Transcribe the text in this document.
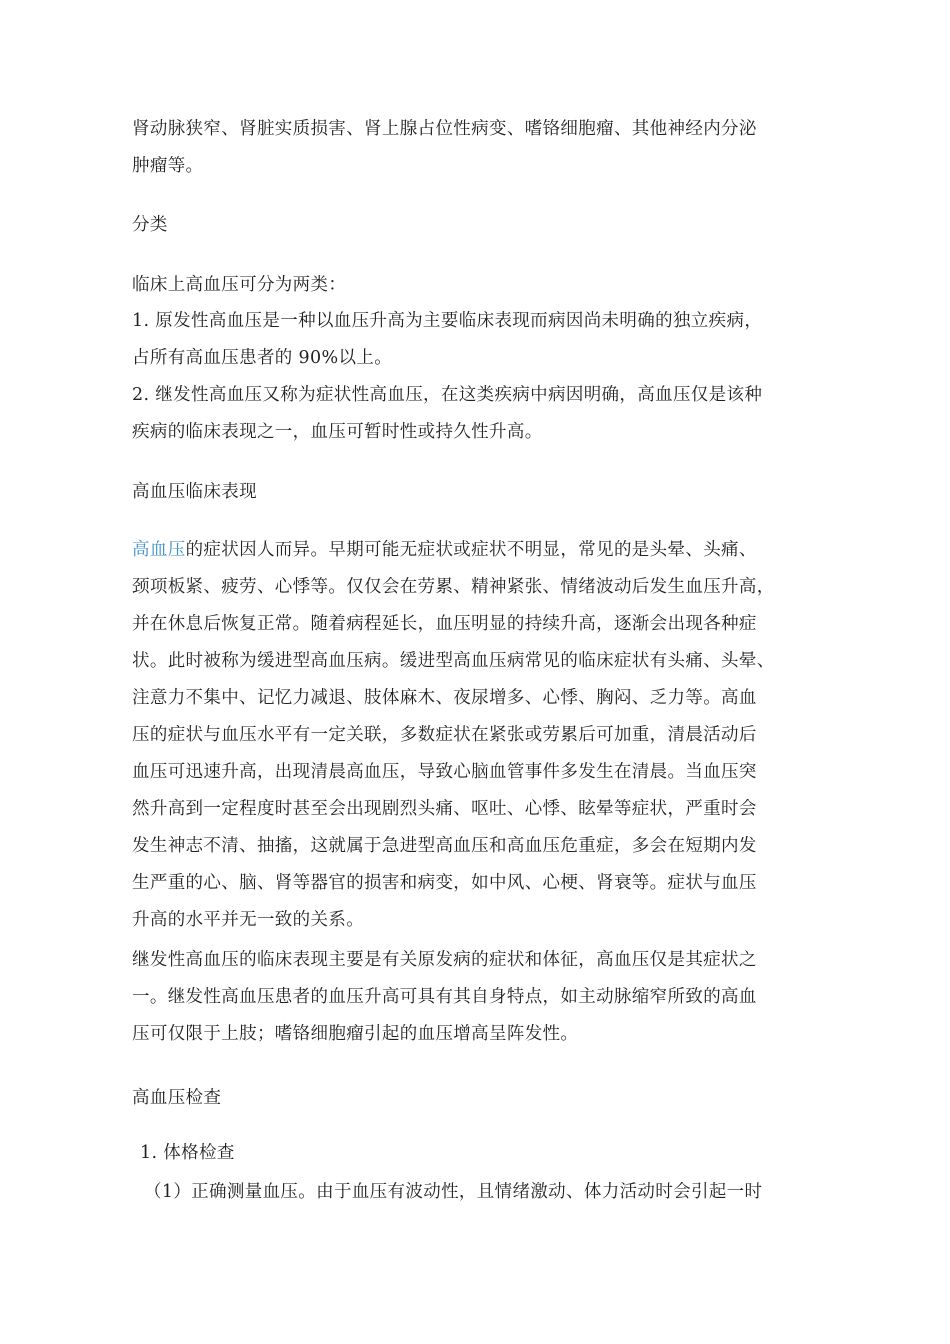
肾动脉狭窄、肾脏实质损害、肾上腺占位性病变、嗜铬细胞瘤、其他神经内分泌
肿瘤等。
分类
临床上高血压可分为两类：
1. 原发性高血压是一种以血压升高为主要临床表现而病因尚未明确的独立疾病，
占所有高血压患者的 90%以上。
2. 继发性高血压又称为症状性高血压，在这类疾病中病因明确，高血压仅是该种
疾病的临床表现之一，血压可暂时性或持久性升高。
高血压临床表现
高血压的症状因人而异。早期可能无症状或症状不明显，常见的是头晕、头痛、
颈项板紧、疲劳、心悸等。仅仅会在劳累、精神紧张、情绪波动后发生血压升高，
并在休息后恢复正常。随着病程延长，血压明显的持续升高，逐渐会出现各种症
状。此时被称为缓进型高血压病。缓进型高血压病常见的临床症状有头痛、头晕、
注意力不集中、记忆力减退、肢体麻木、夜尿增多、心悸、胸闷、乏力等。高血
压的症状与血压水平有一定关联，多数症状在紧张或劳累后可加重，清晨活动后
血压可迅速升高，出现清晨高血压，导致心脑血管事件多发生在清晨。当血压突
然升高到一定程度时甚至会出现剧烈头痛、呕吐、心悸、眩晕等症状，严重时会
发生神志不清、抽搐，这就属于急进型高血压和高血压危重症，多会在短期内发
生严重的心、脑、肾等器官的损害和病变，如中风、心梗、肾衰等。症状与血压
升高的水平并无一致的关系。
继发性高血压的临床表现主要是有关原发病的症状和体征，高血压仅是其症状之
一。继发性高血压患者的血压升高可具有其自身特点，如主动脉缩窄所致的高血
压可仅限于上肢；嗜铬细胞瘤引起的血压增高呈阵发性。
高血压检查
1. 体格检查
（1）正确测量血压。由于血压有波动性，且情绪激动、体力活动时会引起一时
